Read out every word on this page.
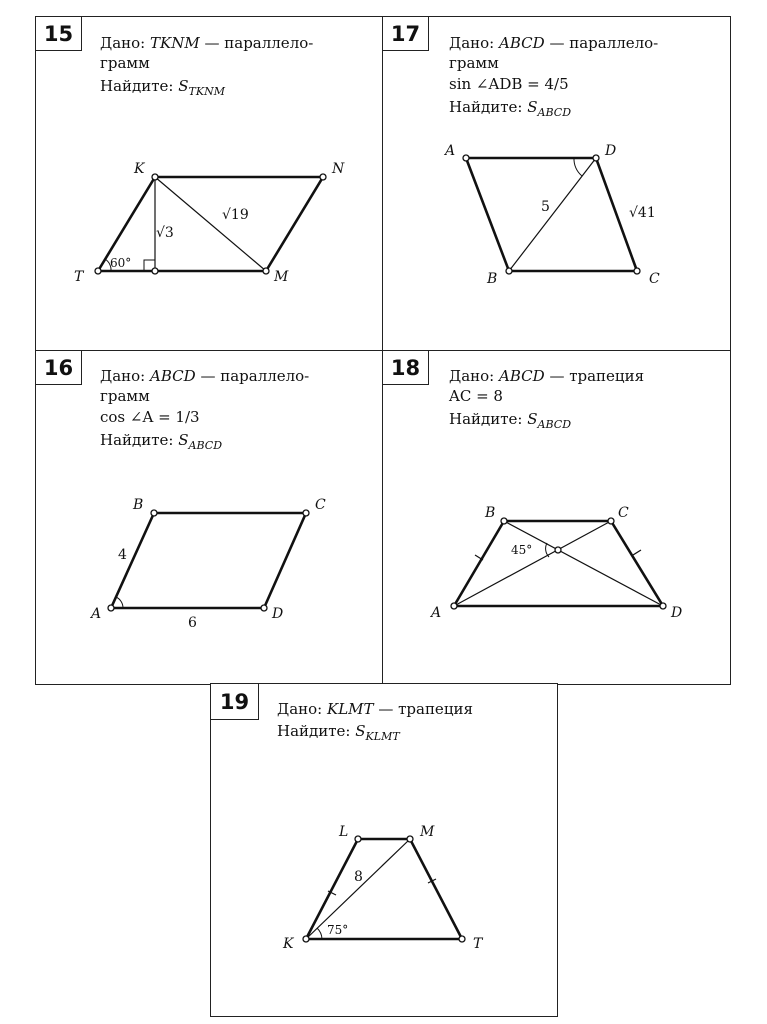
15	Дано: TKNM — параллело-
грамм
Найдите: $S_{TKNM}$
K	N
T	M
√3
√19
60°
17	Дано: ABCD — параллело-
грамм
sin ∠ADB = 4/5
Найдите: $S_{ABCD}$
A	D
B	C
5	√41
16	Дано: ABCD — параллело-
грамм
cos ∠A = 1/3
Найдите: $S_{ABCD}$
B	C
A	D
4
6
18	Дано: ABCD — трапеция
AC = 8
Найдите: $S_{ABCD}$
B	C
A	D
45°
19	Дано: KLMT — трапеция
Найдите: $S_{KLMT}$
L	M
K	T
8
75°
